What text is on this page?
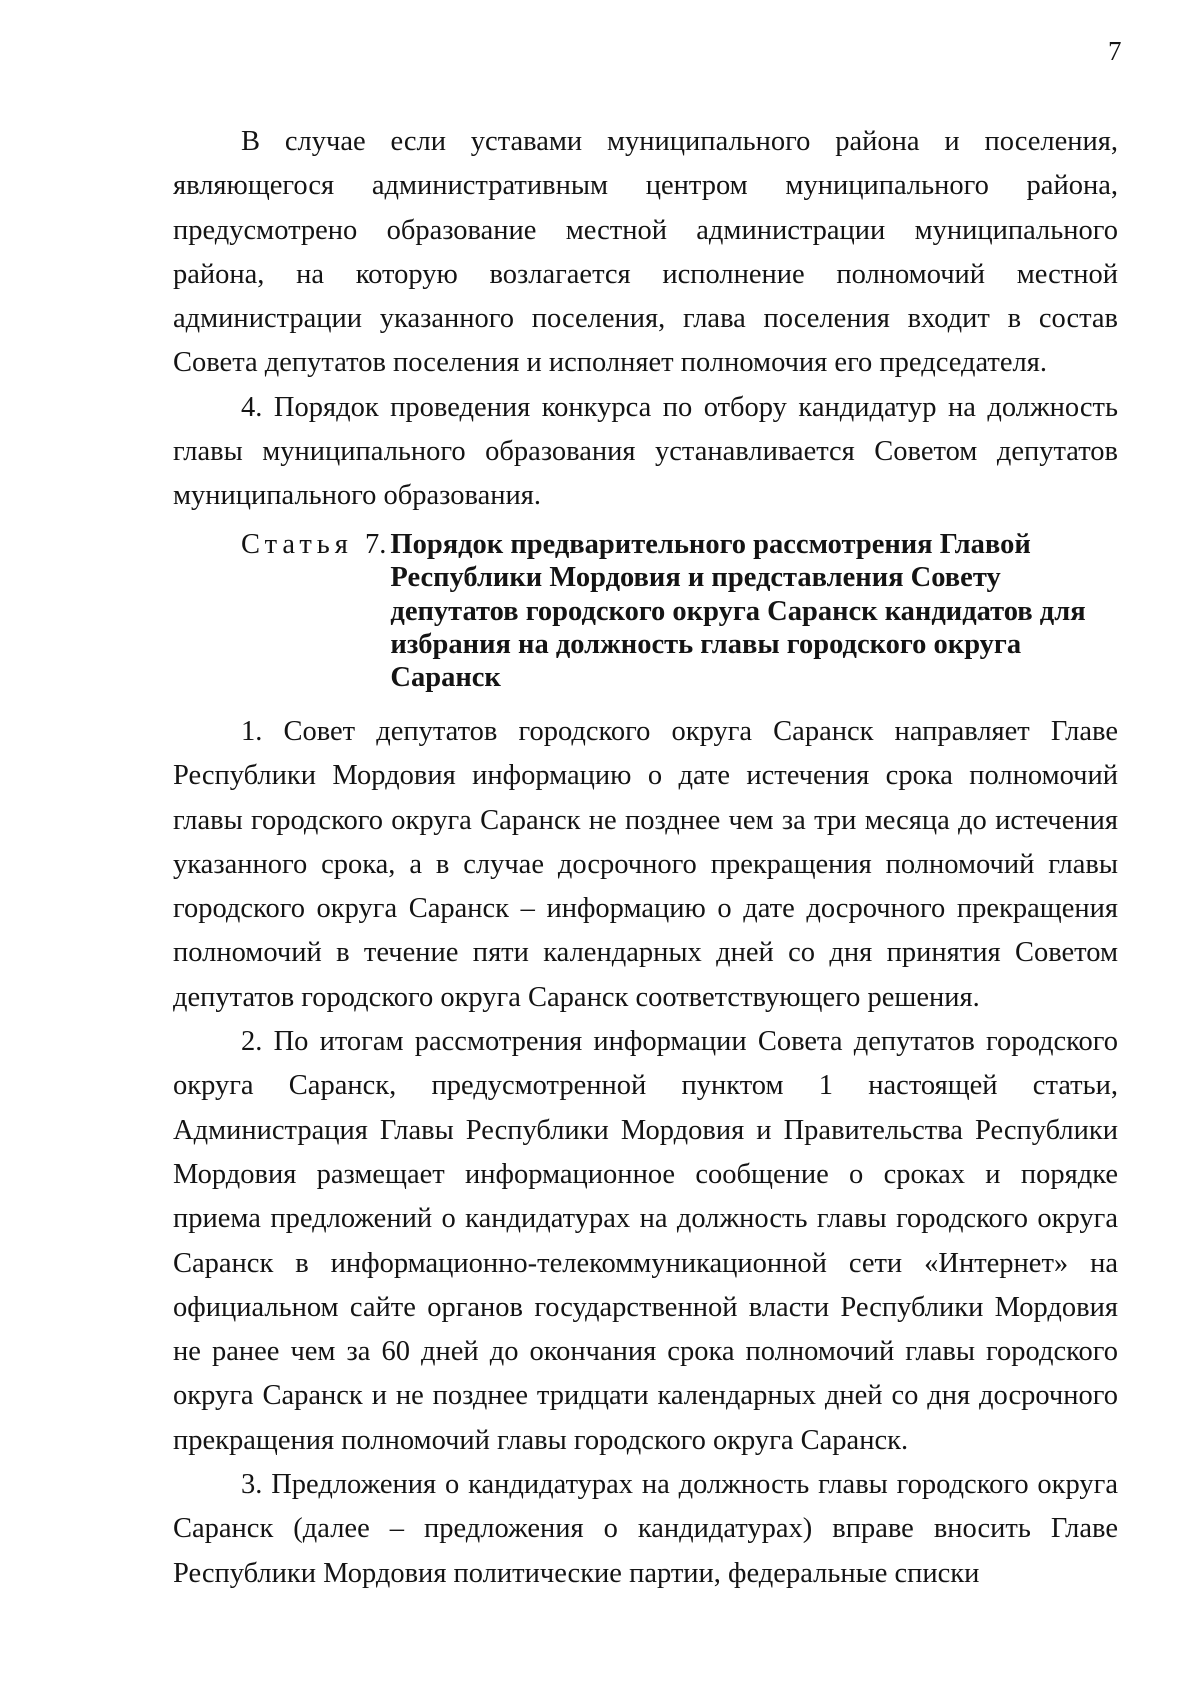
7

В случае если уставами муниципального района и поселения, являющегося административным центром муниципального района, предусмотрено образование местной администрации муниципального района, на которую возлагается исполнение полномочий местной администрации указанного поселения, глава поселения входит в состав Совета депутатов поселения и исполняет полномочия его председателя.

4. Порядок проведения конкурса по отбору кандидатур на должность главы муниципального образования устанавливается Советом депутатов муниципального образования.

Статья 7. Порядок предварительного рассмотрения Главой Республики Мордовия и представления Совету депутатов городского округа Саранск кандидатов для избрания на должность главы городского округа Саранск

1. Совет депутатов городского округа Саранск направляет Главе Республики Мордовия информацию о дате истечения срока полномочий главы городского округа Саранск не позднее чем за три месяца до истечения указанного срока, а в случае досрочного прекращения полномочий главы городского округа Саранск – информацию о дате досрочного прекращения полномочий в течение пяти календарных дней со дня принятия Советом депутатов городского округа Саранск соответствующего решения.

2. По итогам рассмотрения информации Совета депутатов городского округа Саранск, предусмотренной пунктом 1 настоящей статьи, Администрация Главы Республики Мордовия и Правительства Республики Мордовия размещает информационное сообщение о сроках и порядке приема предложений о кандидатурах на должность главы городского округа Саранск в информационно-телекоммуникационной сети «Интернет» на официальном сайте органов государственной власти Республики Мордовия не ранее чем за 60 дней до окончания срока полномочий главы городского округа Саранск и не позднее тридцати календарных дней со дня досрочного прекращения полномочий главы городского округа Саранск.

3. Предложения о кандидатурах на должность главы городского округа Саранск (далее – предложения о кандидатурах) вправе вносить Главе Республики Мордовия политические партии, федеральные списки
